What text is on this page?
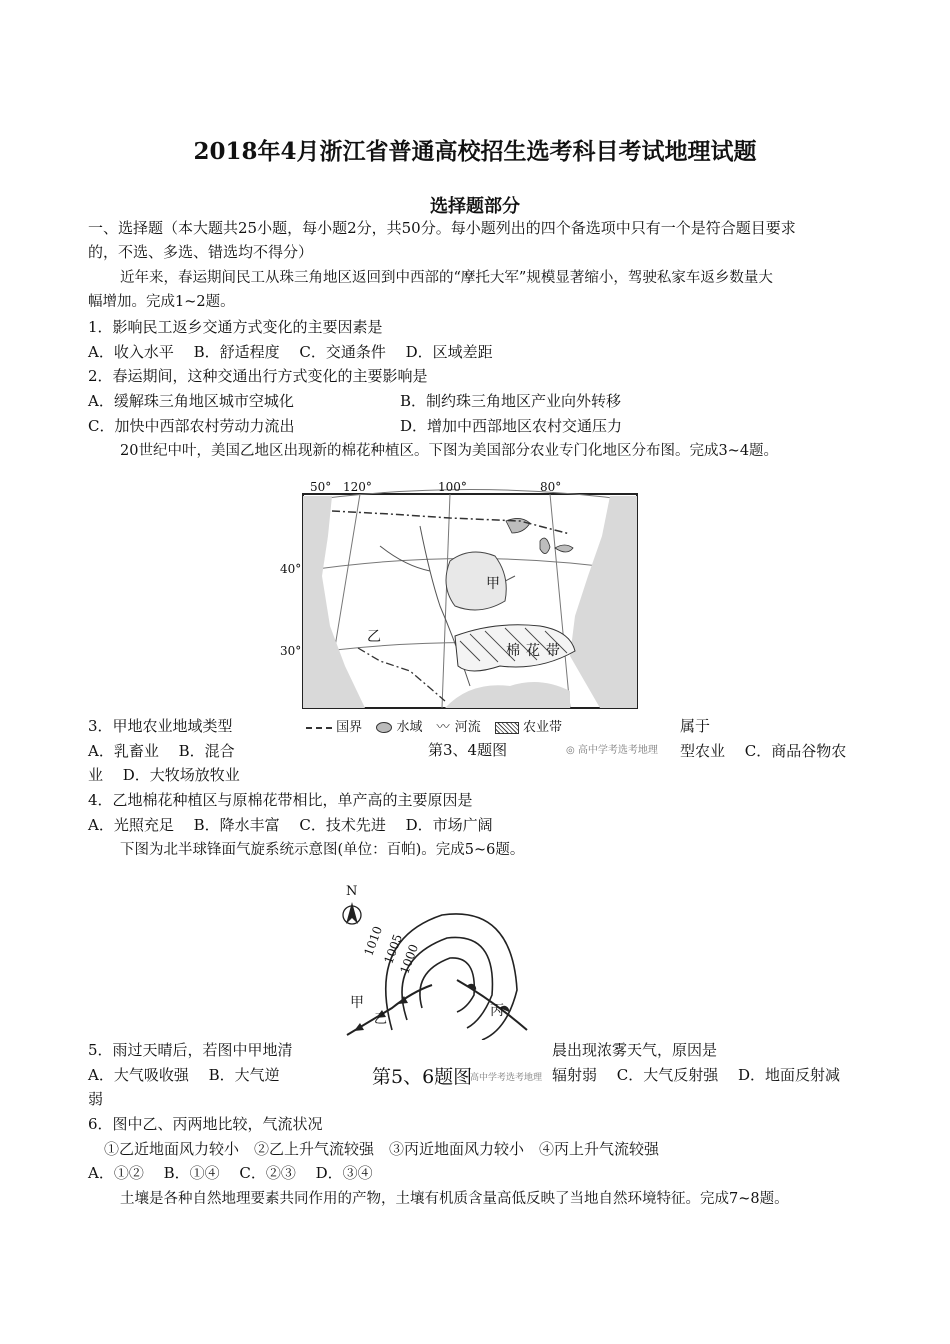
2018年4月浙江省普通高校招生选考科目考试地理试题
选择题部分
一、选择题（本大题共25小题，每小题2分，共50分。每小题列出的四个备选项中只有一个是符合题目要求
的，不选、多选、错选均不得分）
近年来，春运期间民工从珠三角地区返回到中西部的“摩托大军”规模显著缩小，驾驶私家车返乡数量大
幅增加。完成1~2题。
1．影响民工返乡交通方式变化的主要因素是
A．收入水平　 B．舒适程度　 C．交通条件　 D．区域差距
2．春运期间，这种交通出行方式变化的主要影响是
A．缓解珠三角地区城市空城化	B．制约珠三角地区产业向外转移
C．加快中西部农村劳动力流出	D．增加中西部地区农村交通压力
20世纪中叶，美国乙地区出现新的棉花种植区。下图为美国部分农业专门化地区分布图。完成3~4题。
50° 120°	100°	80°
40°
30°
甲
乙
棉花带
国界	水域 〰 河流	农业带
第3、4题图	◎ 高中学考选考地理
3．甲地农业地域类型	属于
A．乳畜业　 B．混合	型农业　 C．商品谷物农
业　 D．大牧场放牧业
4．乙地棉花种植区与原棉花带相比，单产高的主要原因是
A．光照充足　 B．降水丰富　 C．技术先进　 D．市场广阔
下图为北半球锋面气旋系统示意图(单位：百帕)。完成5~6题。
N
1010
1005
1000
甲
乙
丙
第5、6题图
高中学考选考地理
5．雨过天晴后，若图中甲地清	晨出现浓雾天气，原因是
A．大气吸收强　 B．大气逆	辐射弱　 C．大气反射强　 D．地面反射减
弱
6．图中乙、丙两地比较，气流状况
①乙近地面风力较小　②乙上升气流较强　③丙近地面风力较小　④丙上升气流较强
A．①②　 B．①④　 C．②③　 D．③④
土壤是各种自然地理要素共同作用的产物，土壤有机质含量高低反映了当地自然环境特征。完成7~8题。
